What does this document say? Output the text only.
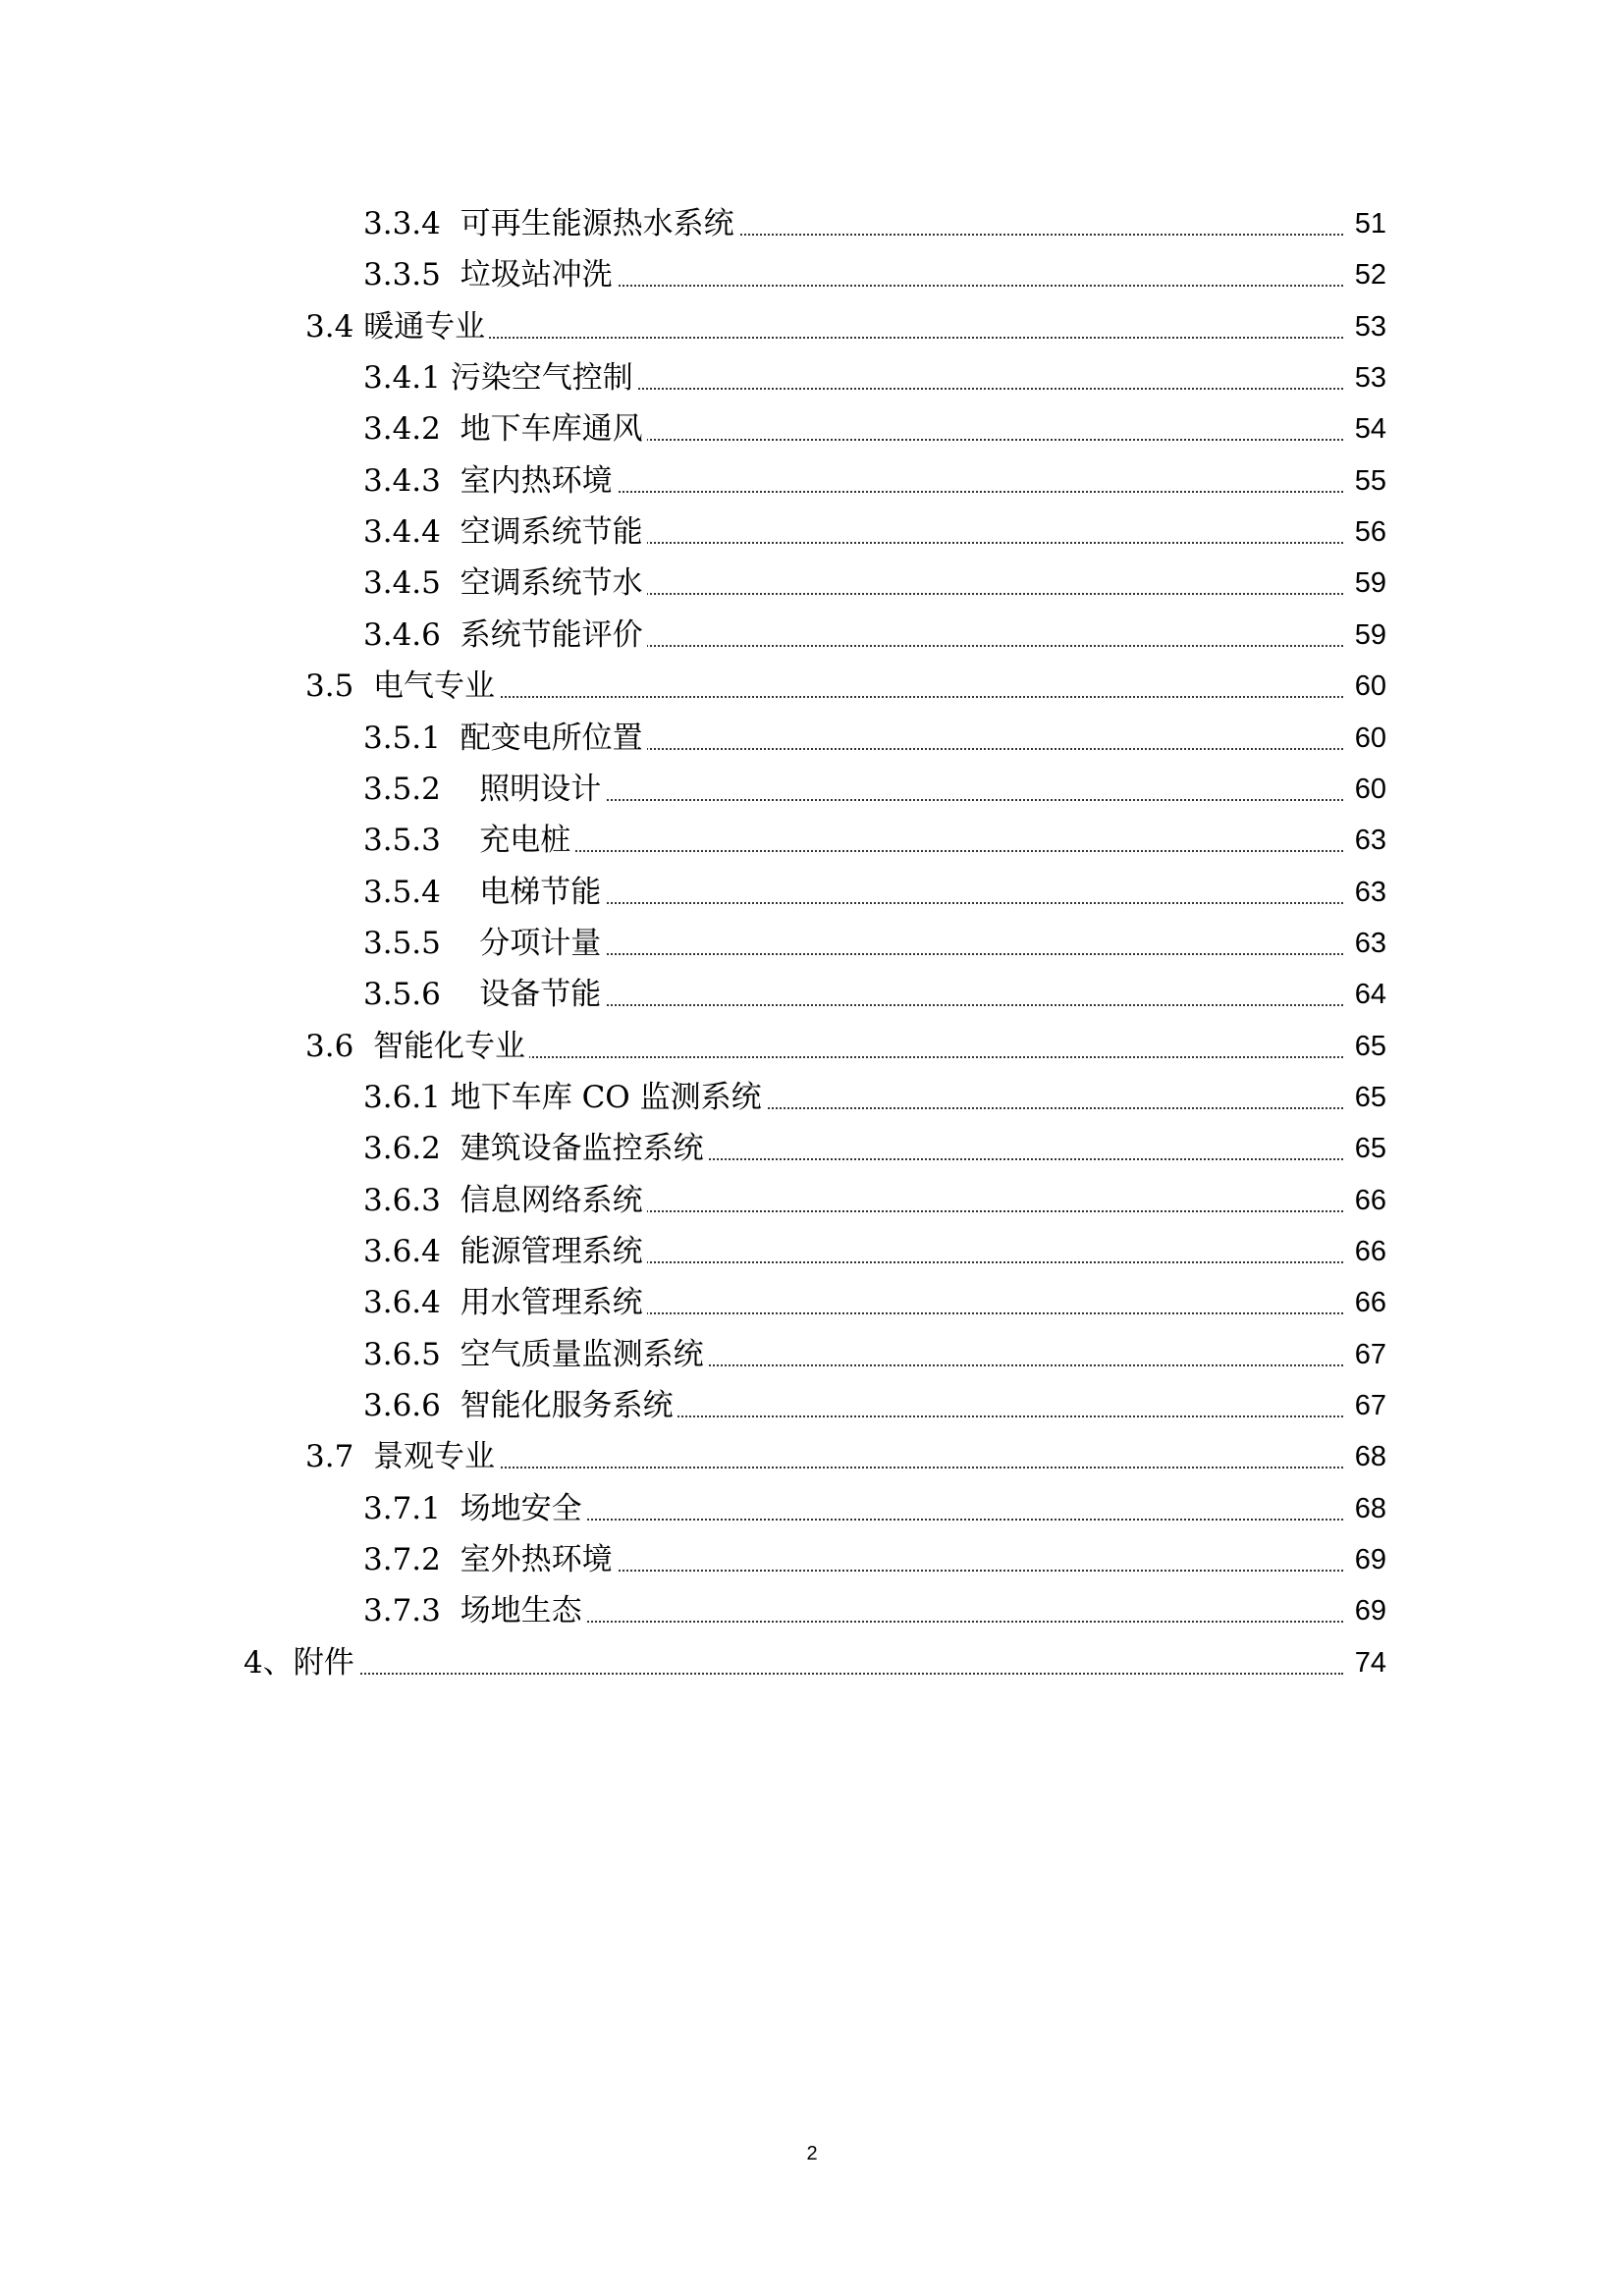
3.3.4  可再生能源热水系统	51
3.3.5  垃圾站冲洗	52
3.4 暖通专业	53
3.4.1 污染空气控制	53
3.4.2  地下车库通风	54
3.4.3  室内热环境	55
3.4.4  空调系统节能	56
3.4.5  空调系统节水	59
3.4.6  系统节能评价	59
3.5  电气专业	60
3.5.1  配变电所位置	60
3.5.2    照明设计	60
3.5.3    充电桩	63
3.5.4    电梯节能	63
3.5.5    分项计量	63
3.5.6    设备节能	64
3.6  智能化专业	65
3.6.1 地下车库 CO 监测系统	65
3.6.2  建筑设备监控系统	65
3.6.3  信息网络系统	66
3.6.4  能源管理系统	66
3.6.4  用水管理系统	66
3.6.5  空气质量监测系统	67
3.6.6  智能化服务系统	67
3.7  景观专业	68
3.7.1  场地安全	68
3.7.2  室外热环境	69
3.7.3  场地生态	69
4、附件	74
2
